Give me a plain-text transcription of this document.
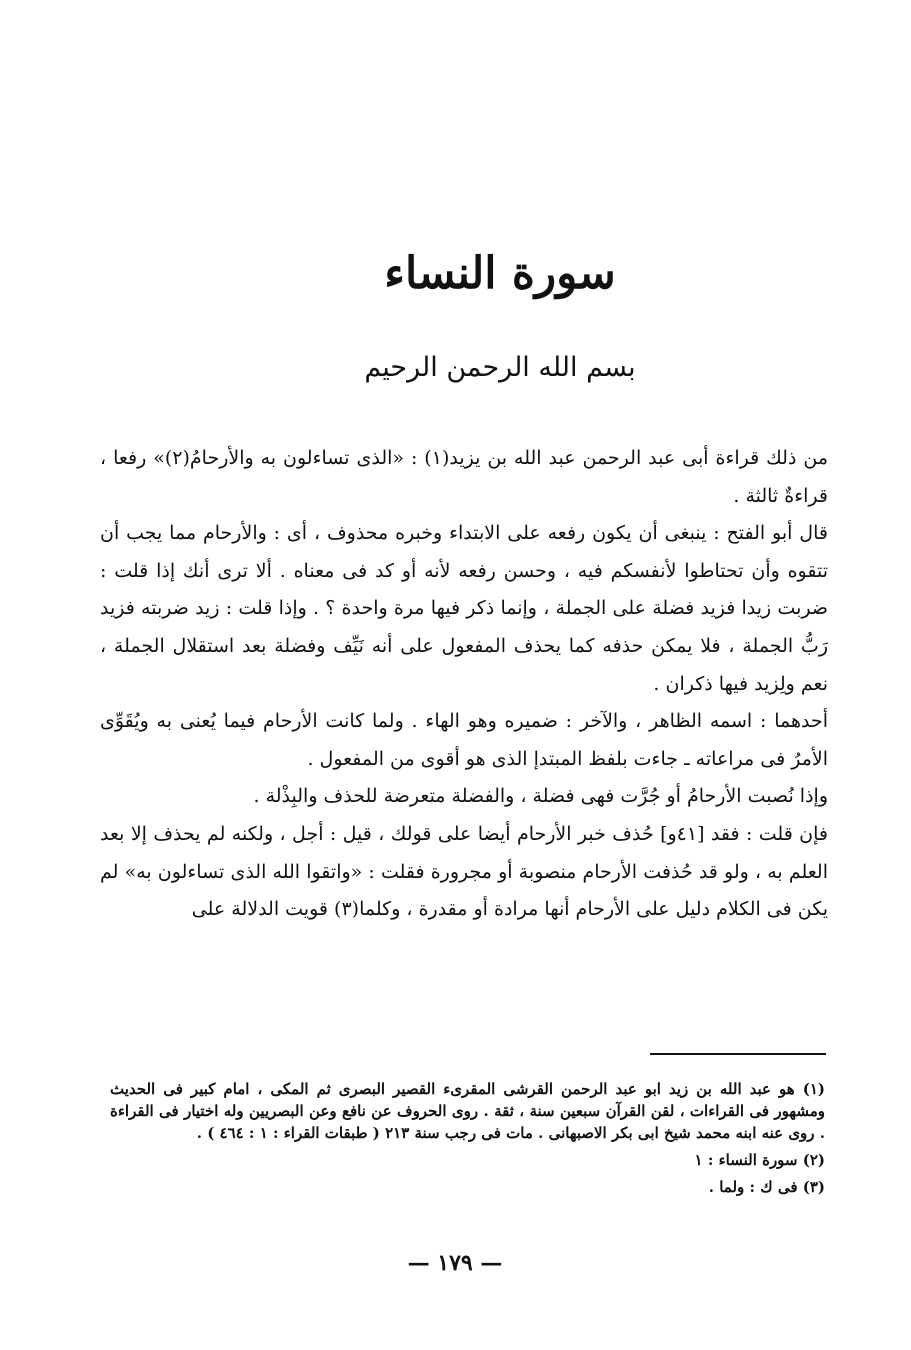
سورة النساء
بسم الله الرحمن الرحيم

من ذلك قراءة أبى عبد الرحمن عبد الله بن يزيد(١) : «الذى تساءلون به والأرحامُ(٢)» رفعا ، قراءةٌ ثالثة .

قال أبو الفتح : ينبغى أن يكون رفعه على الابتداء وخبره محذوف ، أى : والأرحام مما يجب أن تتقوه وأن تحتاطوا لأنفسكم فيه ، وحسن رفعه لأنه أو كد فى معناه . ألا ترى أنك إذا قلت : ضربت زيدا فزيد فضلة على الجملة ، وإنما ذكر فيها مرة واحدة ؟ . وإذا قلت : زيد ضربته فزيد رَبُّ الجملة ، فلا يمكن حذفه كما يحذف المفعول على أنه نَيِّف وفضلة بعد استقلال الجملة ، نعم ولِزيد فيها ذكران .

أحدهما : اسمه الظاهر ، والآخر : ضميره وهو الهاء . ولما كانت الأرحام فيما يُعنى به ويُقَوِّى الأمرُ فى مراعاته ـ جاءت بلفظ المبتدإ الذى هو أقوى من المفعول .

وإذا نُصبت الأرحامُ أو جُرَّت فهى فضلة ، والفضلة متعرضة للحذف والبِذْلة .

فإن قلت : فقد [٤١و] حُذف خبر الأرحام أيضا على قولك ، قيل : أجل ، ولكنه لم يحذف إلا بعد العلم به ، ولو قد حُذفت الأرحام منصوبة أو مجرورة فقلت : «واتقوا الله الذى تساءلون به» لم يكن فى الكلام دليل على الأرحام أنها مرادة أو مقدرة ، وكلما(٣) قويت الدلالة على

(١) هو عبد الله بن زيد ابو عبد الرحمن القرشى المقرىء القصير البصرى ثم المكى ، امام كبير فى الحديث ومشهور فى القراءات ، لقن القرآن سبعين سنة ، ثقة . روى الحروف عن نافع وعن البصريين وله اختيار فى القراءة . روى عنه ابنه محمد شيخ ابى بكر الاصبهانى . مات فى رجب سنة ٢١٣ ( طبقات القراء : ١ : ٤٦٤ ) .

(٢) سورة النساء : ١

(٣) فى ك : ولما .

— ١٧٩ —
